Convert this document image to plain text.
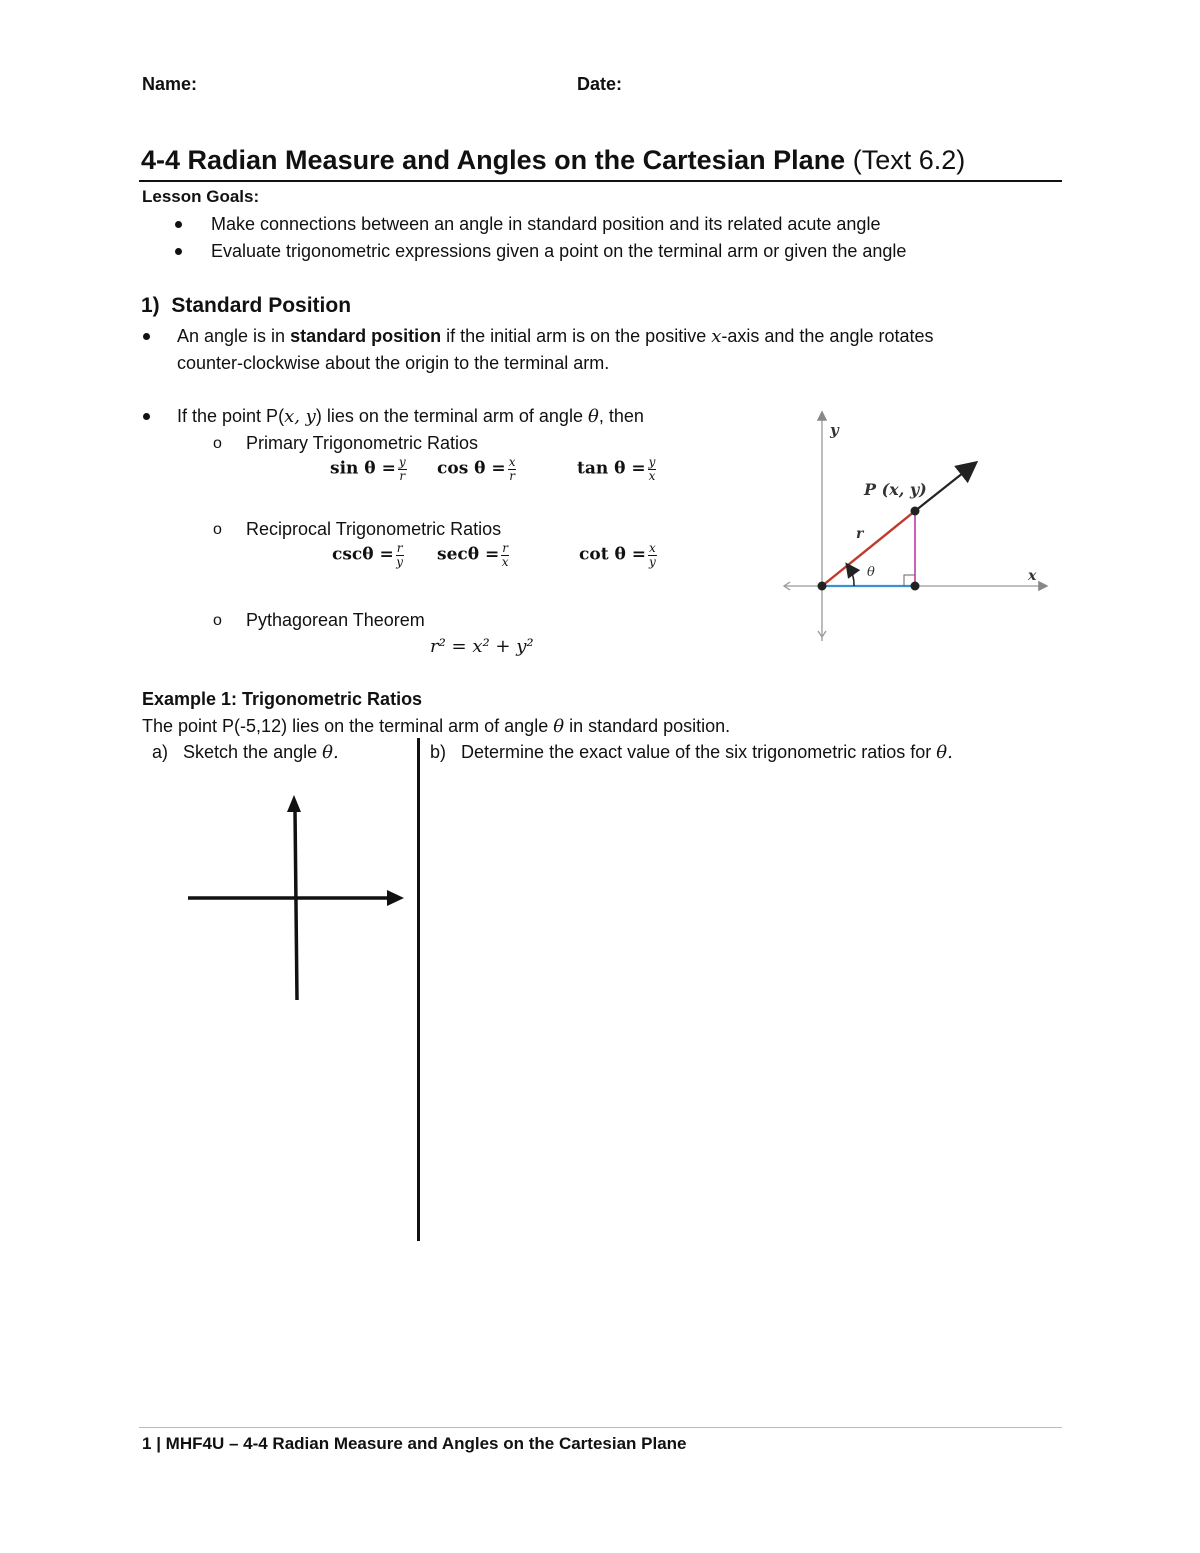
Name:	Date:
4-4 Radian Measure and Angles on the Cartesian Plane (Text 6.2)
Lesson Goals:
Make connections between an angle in standard position and its related acute angle
Evaluate trigonometric expressions given a point on the terminal arm or given the angle
1) Standard Position
An angle is in standard position if the initial arm is on the positive x-axis and the angle rotates
counter-clockwise about the origin to the terminal arm.
If the point P(x, y) lies on the terminal arm of angle θ, then
o Primary Trigonometric Ratios
$\sin \theta = \frac{y}{r}$ $\cos \theta = \frac{x}{r}$	$\tan \theta = \frac{y}{x}$
o Reciprocal Trigonometric Ratios
$\csc\theta = \frac{r}{y}$ $\sec\theta = \frac{r}{x}$	$\cot \theta = \frac{x}{y}$
o Pythagorean Theorem
r² = x² + y²
y
x
P (x, y)
r
θ
Example 1: Trigonometric Ratios
The point P(-5,12) lies on the terminal arm of angle θ in standard position.
a) Sketch the angle θ.	b) Determine the exact value of the six trigonometric ratios for θ.
1 | MHF4U – 4-4 Radian Measure and Angles on the Cartesian Plane
